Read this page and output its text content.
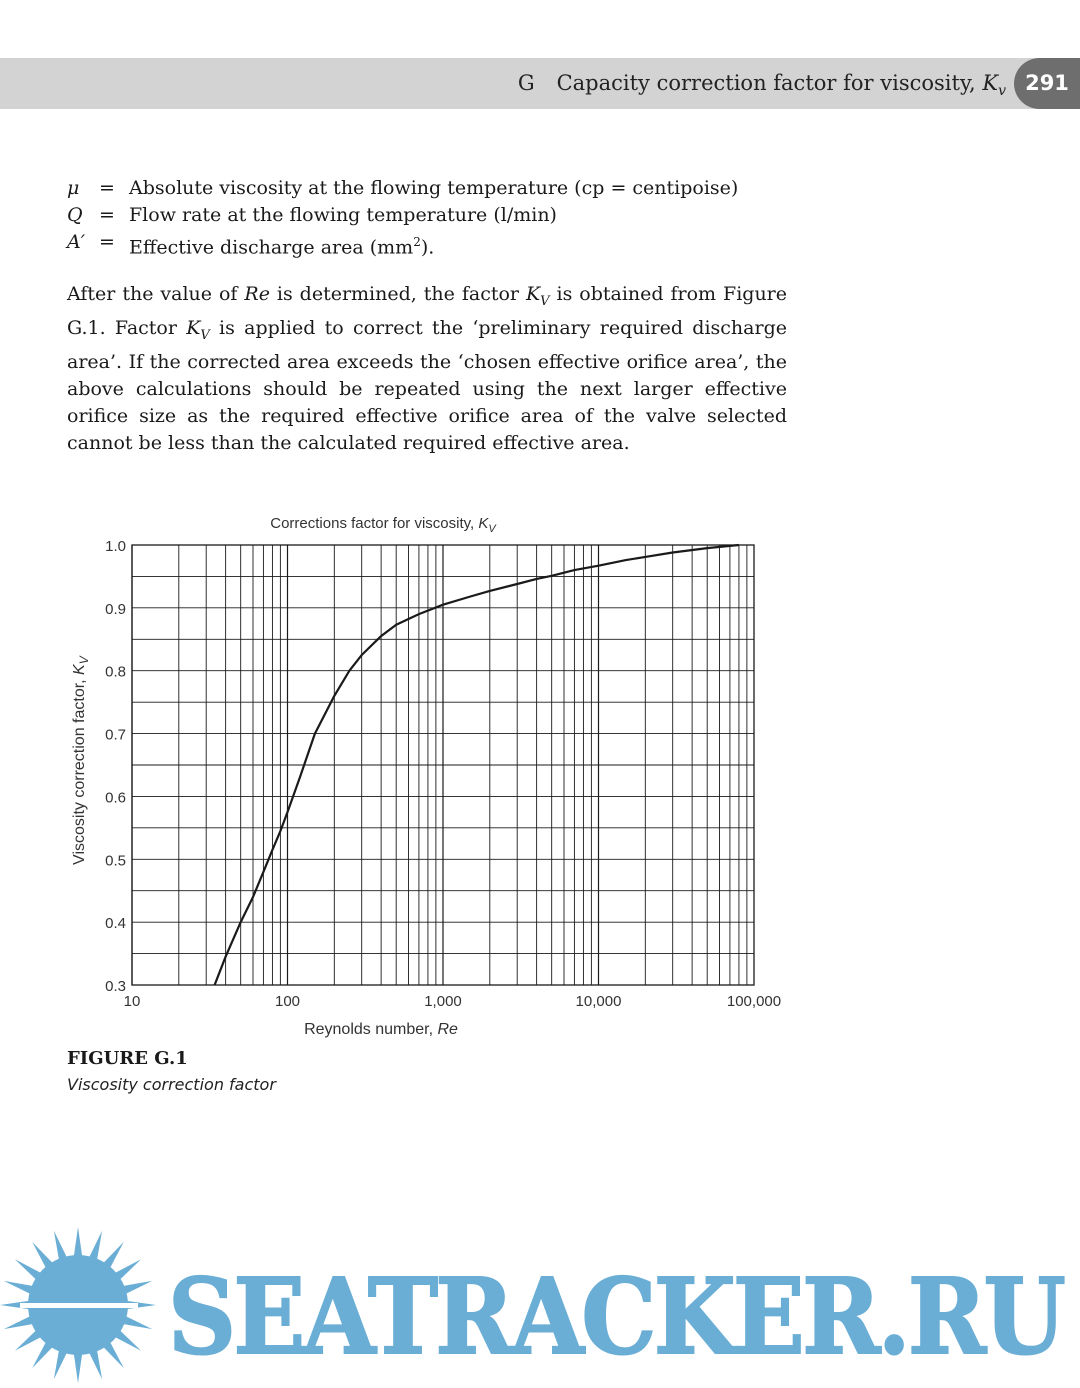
G Capacity correction factor for viscosity, $K_v$ 291
μ	= Absolute viscosity at the flowing temperature (cp = centipoise)
Q = Flow rate at the flowing temperature (l/min)
A′ = Effective discharge area $(mm^2)$.
After the value of Re is determined, the factor $K_V$ is obtained from Figure G.1. Factor $K_V$ is applied to correct the ‘preliminary required discharge area’. If the corrected area exceeds the ‘chosen effective orifice area’, the above calculations should be repeated using the next larger effective orifice size as the required effective orifice area of the valve selected cannot be less than the calculated required effective area.
0.3
0.4
0.5
0.6
0.7
0.8
0.9
1.0
10	100	1,000	10,000	100,000
Corrections factor for viscosity, $K_V$
Reynolds number, Re
Viscosity correction factor, $K_V$
FIGURE G.1
Viscosity correction factor
SEATRACKER.RU
